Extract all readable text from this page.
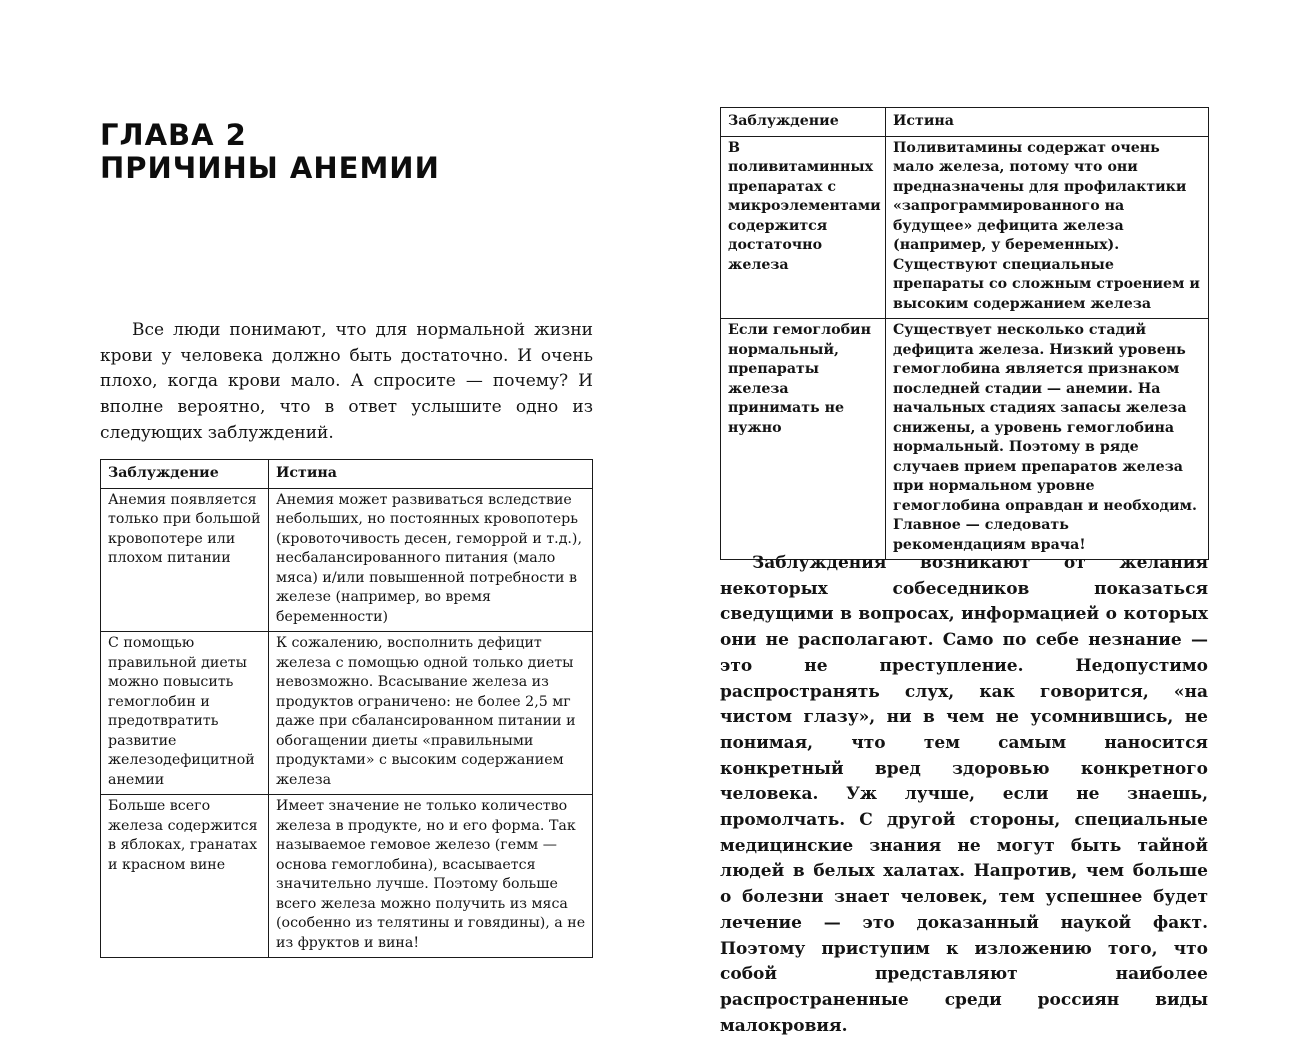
ГЛАВА 2
ПРИЧИНЫ АНЕМИИ

Все люди понимают, что для нормальной жизни крови у человека должно быть достаточно. И очень плохо, когда крови мало. А спросите — почему? И вполне вероятно, что в ответ услышите одно из следующих заблуждений.

Заблуждение	Истина
Анемия появляется только при большой кровопотере или плохом питании	Анемия может развиваться вследствие небольших, но постоянных кровопотерь (кровоточивость десен, геморрой и т.д.), несбалансированного питания (мало мяса) и/или повышенной потребности в железе (например, во время беременности)
С помощью правильной диеты можно повысить гемоглобин и предотвратить развитие железодефицитной анемии	К сожалению, восполнить дефицит железа с помощью одной только диеты невозможно. Всасывание железа из продуктов ограничено: не более 2,5 мг даже при сбалансированном питании и обогащении диеты «правильными продуктами» с высоким содержанием железа
Больше всего железа содержится в яблоках, гранатах и красном вине	Имеет значение не только количество железа в продукте, но и его форма. Так называемое гемовое железо (гемм — основа гемоглобина), всасывается значительно лучше. Поэтому больше всего железа можно получить из мяса (особенно из телятины и говядины), а не из фруктов и вина!
Заблуждение	Истина
В поливитаминных препаратах с микроэлементами содержится достаточно железа	Поливитамины содержат очень мало железа, потому что они предназначены для профилактики «запрограммированного на будущее» дефицита железа (например, у беременных). Существуют специальные препараты со сложным строением и высоким содержанием железа
Если гемоглобин нормальный, препараты железа принимать не нужно	Существует несколько стадий дефицита железа. Низкий уровень гемоглобина является признаком последней стадии — анемии. На начальных стадиях запасы железа снижены, а уровень гемоглобина нормальный. Поэтому в ряде случаев прием препаратов железа при нормальном уровне гемоглобина оправдан и необходим. Главное — следовать рекомендациям врача!

Заблуждения возникают от желания некоторых собеседников показаться сведущими в вопросах, информацией о которых они не располагают. Само по себе незнание — это не преступление. Недопустимо распространять слух, как говорится, «на чистом глазу», ни в чем не усомнившись, не понимая, что тем самым наносится конкретный вред здоровью конкретного человека. Уж лучше, если не знаешь, промолчать. С другой стороны, специальные медицинские знания не могут быть тайной людей в белых халатах. Напротив, чем больше о болезни знает человек, тем успешнее будет лечение — это доказанный наукой факт. Поэтому приступим к изложению того, что собой представляют наиболее распространенные среди россиян виды малокровия.
